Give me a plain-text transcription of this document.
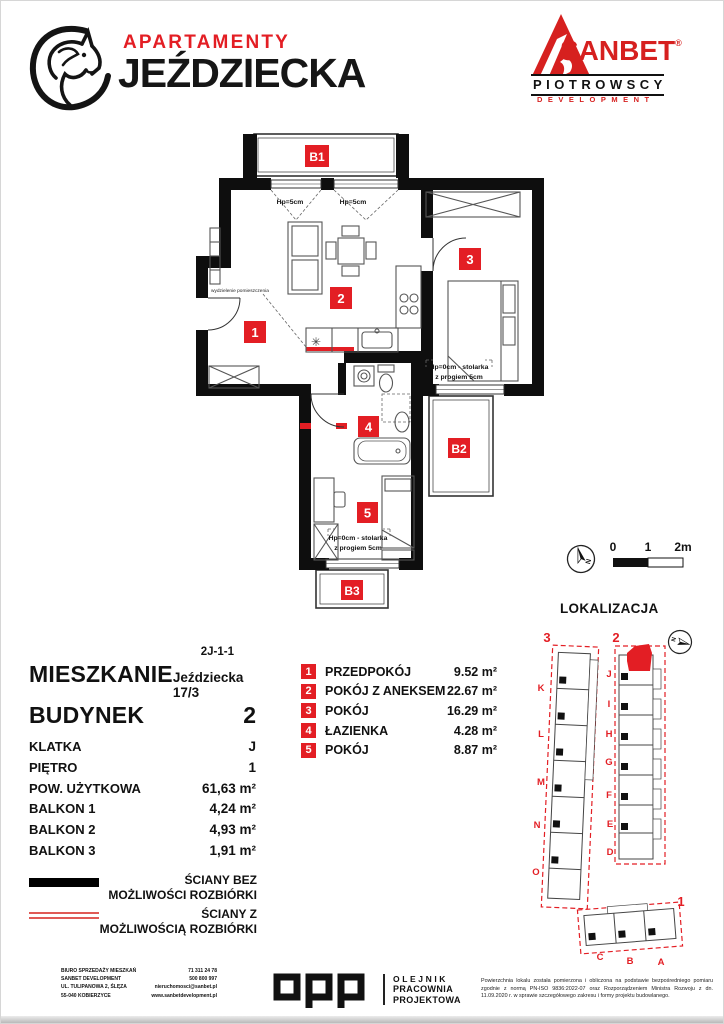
APARTAMENTY
JEŹDZIECKA	SANBET®
PIOTROWSCY
DEVELOPMENT
wydzielenie pomieszczenia
✳
Hp=5cm	Hp=5cm
Hp=0cm - stolarka
z progiem 5cm
Hp=0cm - stolarka
z progiem 5cm
1
2
3
4
5
B1
B2
B3
N
0 1 2m
LOKALIZACJA
3	2
1
K
L
M
N
O
J
I
H
G
F
E
D
C B	A
N
2J-1-1
MIESZKANIE Jeździecka 17/3
BUDYNEK	2
KLATKA	J
PIĘTRO	1
POW. UŻYTKOWA	61,63 m²
BALKON 1	4,24 m²
BALKON 2	4,93 m²
BALKON 3	1,91 m²
1	PRZEDPOKÓJ	9.52 m²
2	POKÓJ Z ANEKSEM 22.67 m²
3	POKÓJ	16.29 m²
4	ŁAZIENKA	4.28 m²
5	POKÓJ	8.87 m²
ŚCIANY BEZ
MOŻLIWOŚCI ROZBIÓRKI
ŚCIANY Z
MOŻLIWOŚCIĄ ROZBIÓRKI
BIURO SPRZEDAŻY MIESZKAŃ
SANBET DEVELOPMENT
UL. TULIPANOWA 2, ŚLĘZA
55-040 KOBIERZYCE
71 311 24 78
500 800 997
nieruchomosci@sanbet.pl
www.sanbetdevelopment.pl
OLEJNIK
PRACOWNIA
PROJEKTOWA
Powierzchnia lokalu została pomierzona i obliczona na podstawie bezpośredniego pomiaru zgodnie z normą PN-ISO 9836:2022-07 oraz Rozporządzeniem Ministra Rozwoju z dn. 11.09.2020 r. w sprawie szczegółowego zakresu i formy projektu budowlanego.
